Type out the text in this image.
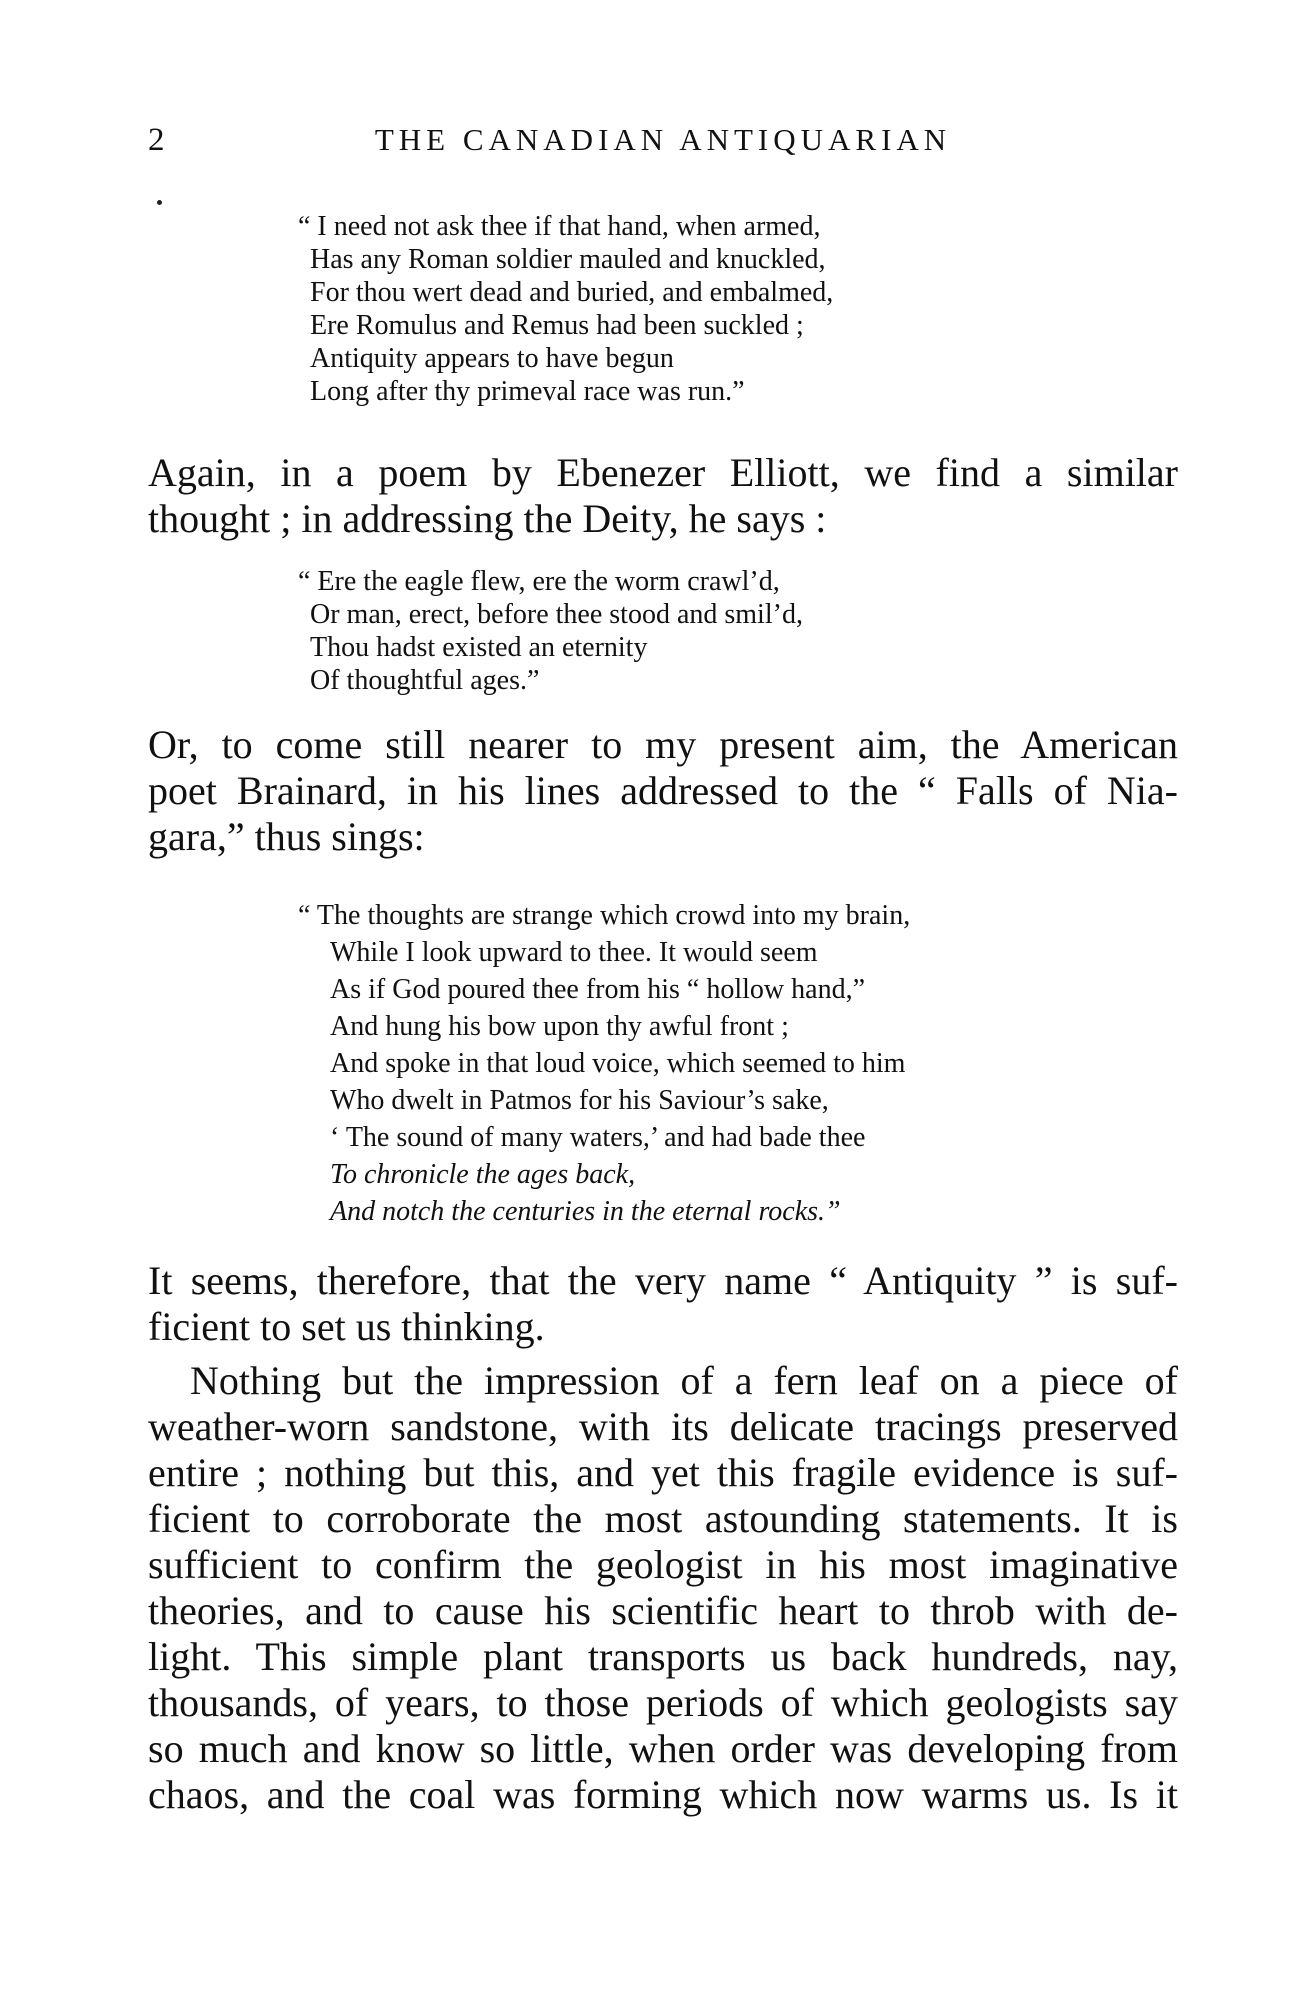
2	THE CANADIAN ANTIQUARIAN
“ I need not ask thee if that hand, when armed,
Has any Roman soldier mauled and knuckled,
For thou wert dead and buried, and embalmed,
Ere Romulus and Remus had been suckled ;
Antiquity appears to have begun
Long after thy primeval race was run.”
Again, in a poem by Ebenezer Elliott, we find a similar
thought ; in addressing the Deity, he says :
“ Ere the eagle flew, ere the worm crawl’d,
Or man, erect, before thee stood and smil’d,
Thou hadst existed an eternity
Of thoughtful ages.”
Or, to come still nearer to my present aim, the American
poet Brainard, in his lines addressed to the “ Falls of Nia-
gara,” thus sings:
“ The thoughts are strange which crowd into my brain,
While I look upward to thee. It would seem
As if God poured thee from his “ hollow hand,”
And hung his bow upon thy awful front ;
And spoke in that loud voice, which seemed to him
Who dwelt in Patmos for his Saviour’s sake,
‘ The sound of many waters,’ and had bade thee
To chronicle the ages back,
And notch the centuries in the eternal rocks.”
It seems, therefore, that the very name “ Antiquity ” is suf-
ficient to set us thinking.
Nothing but the impression of a fern leaf on a piece of
weather-worn sandstone, with its delicate tracings preserved
entire ; nothing but this, and yet this fragile evidence is suf-
ficient to corroborate the most astounding statements. It is
sufficient to confirm the geologist in his most imaginative
theories, and to cause his scientific heart to throb with de-
light. This simple plant transports us back hundreds, nay,
thousands, of years, to those periods of which geologists say
so much and know so little, when order was developing from
chaos, and the coal was forming which now warms us. Is it
